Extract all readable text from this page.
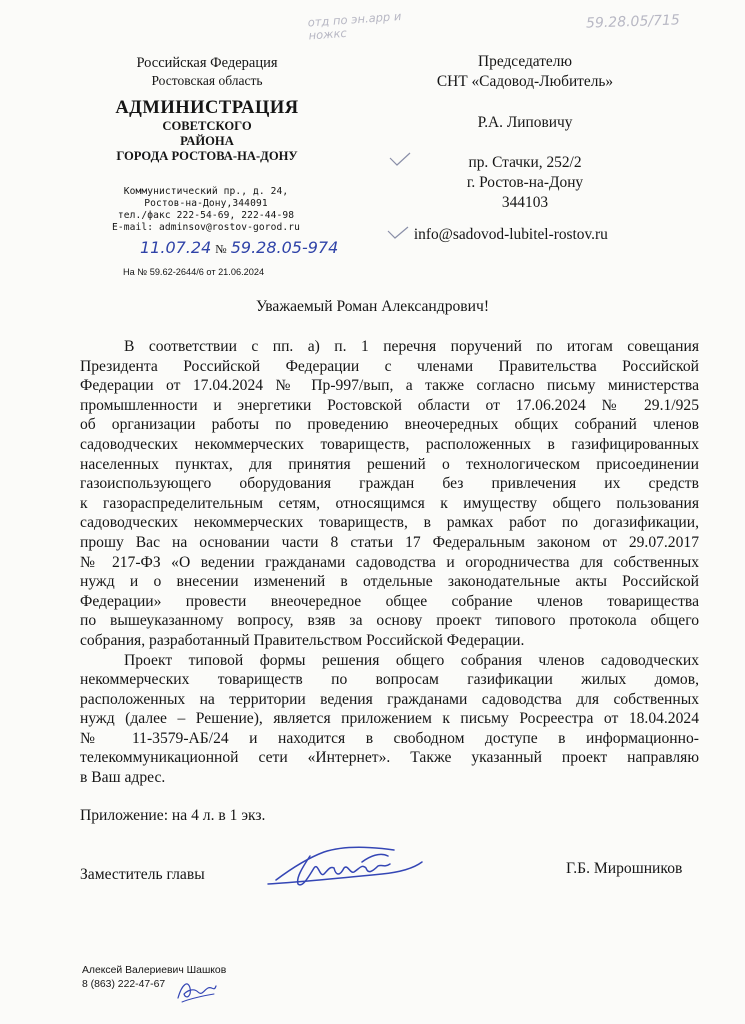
отд по эн.арр и ножкс
59.28.05/715
Российская Федерация
Ростовская область
АДМИНИСТРАЦИЯ
СОВЕТСКОГО
РАЙОНА
ГОРОДА РОСТОВА-НА-ДОНУ
Коммунистический пр., д. 24,
Ростов-на-Дону,344091
тел./факс 222-54-69, 222-44-98
E-mail: adminsov@rostov-gorod.ru
11.07.24 № 59.28.05-974
На № 59.62-2644/6 от 21.06.2024
Председателю
СНТ «Садовод-Любитель»
Р.А. Липовичу
пр. Стачки, 252/2
г. Ростов-на-Дону
344103
info@sadovod-lubitel-rostov.ru
Уважаемый Роман Александрович!
В соответствии с пп. а) п. 1 перечня поручений по итогам совещания
Президента Российской Федерации с членами Правительства Российской
Федерации от 17.04.2024 № Пр-997/вып, а также согласно письму министерства
промышленности и энергетики Ростовской области от 17.06.2024 № 29.1/925
об организации работы по проведению внеочередных общих собраний членов
садоводческих некоммерческих товариществ, расположенных в газифицированных
населенных пунктах, для принятия решений о технологическом присоединении
газоиспользующего оборудования граждан без привлечения их средств
к газораспределительным сетям, относящимся к имуществу общего пользования
садоводческих некоммерческих товариществ, в рамках работ по догазификации,
прошу Вас на основании части 8 статьи 17 Федеральным законом от 29.07.2017
№ 217-ФЗ «О ведении гражданами садоводства и огородничества для собственных
нужд и о внесении изменений в отдельные законодательные акты Российской
Федерации» провести внеочередное общее собрание членов товарищества
по вышеуказанному вопросу, взяв за основу проект типового протокола общего
собрания, разработанный Правительством Российской Федерации.
Проект типовой формы решения общего собрания членов садоводческих
некоммерческих товариществ по вопросам газификации жилых домов,
расположенных на территории ведения гражданами садоводства для собственных
нужд (далее – Решение), является приложением к письму Росреестра от 18.04.2024
№ 11-3579-АБ/24 и находится в свободном доступе в информационно-
телекоммуникационной сети «Интернет». Также указанный проект направляю
в Ваш адрес.
Приложение: на 4 л. в 1 экз.
Заместитель главы	Г.Б. Мирошников
Алексей Валериевич Шашков
8 (863) 222-47-67
